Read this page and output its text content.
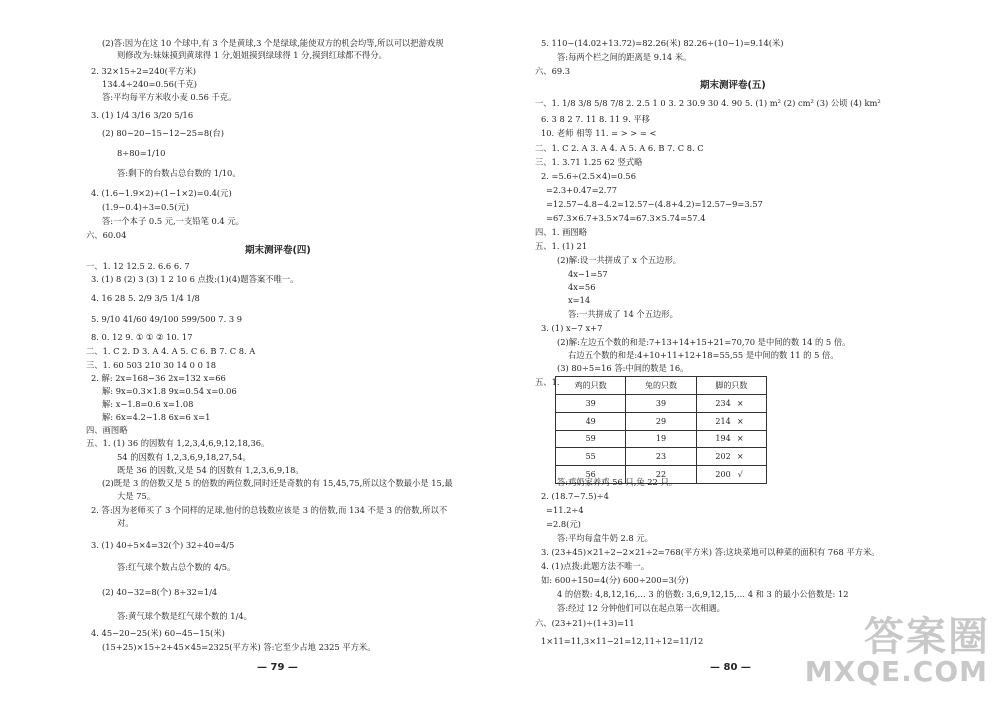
(2)答:因为在这 10 个球中,有 3 个是黄球,3 个是绿球,能使双方的机会均等,所以可以把游戏规
则修改为:妹妹摸到黄球得 1 分,姐姐摸到绿球得 1 分,摸到红球都不得分。
2. 32×15÷2=240(平方米)
134.4÷240=0.56(千克)
答:平均每平方米收小麦 0.56 千克。
3. (1) 1/4 3/16 3/20 5/16
(2) 80−20−15−12−25=8(台)
8÷80=1/10
答:剩下的台数占总台数的 1/10。
4. (1.6−1.9×2)÷(1−1×2)=0.4(元)
(1.9−0.4)÷3=0.5(元)
答:一个本子 0.5 元,一支铅笔 0.4 元。
六、60.04
期末测评卷(四)
一、1. 12 12.5 2. 6.6 6. 7
3. (1) 8 (2) 3 (3) 1 2 10 6 点拨:(1)(4)题答案不唯一。
4. 16 28 5. 2/9 3/5 1/4 1/8
5. 9/10 41/60 49/100 599/500 7. 3 9
8. 0. 12 9. ① ① ② 10. 17
二、1. C 2. D 3. A 4. A 5. C 6. B 7. C 8. A
三、1. 60 503 210 30 14 0 0 18
2. 解: 2x=168−36 2x=132 x=66
解: 9x=0.3×1.8 9x=0.54 x=0.06
解: x−1.8=0.6 x=1.08
解: 6x=4.2−1.8 6x=6 x=1
四、画图略
五、1. (1) 36 的因数有 1,2,3,4,6,9,12,18,36。
54 的因数有 1,2,3,6,9,18,27,54。
既是 36 的因数,又是 54 的因数有 1,2,3,6,9,18。
(2)既是 3 的倍数又是 5 的倍数的两位数,同时还是奇数的有 15,45,75,所以这个数最小是 15,最
大是 75。
2. 答:因为老师买了 3 个同样的足球,他付的总钱数应该是 3 的倍数,而 134 不是 3 的倍数,所以不
对。
3. (1) 40÷5×4=32(个) 32÷40=4/5
答:红气球个数占总个数的 4/5。
(2) 40−32=8(个) 8÷32=1/4
答:黄气球个数是红气球个数的 1/4。
4. 45−20−25(米) 60−45−15(米)
(15+25)×15÷2+45×45=2325(平方米) 答:它至少占地 2325 平方米。
— 79 —
5. 110−(14.02+13.72)=82.26(米) 82.26÷(10−1)=9.14(米)
答:每两个栏之间的距离是 9.14 米。
六、69.3
期末测评卷(五)
一、1. 1/8 3/8 5/8 7/8 2. 2.5 1 0 3. 2 30.9 30 4. 90 5. (1) m² (2) cm² (3) 公顷 (4) km²
6. 3 8 2 7. 11 8. 11 9. 平移
10. 老师 相等 11. = > > = <
二、1. C 2. A 3. A 4. A 5. A 6. B 7. C 8. C
三、1. 3.71 1.25 62 竖式略
2. =5.6÷(2.5×4)=0.56
=2.3+0.47=2.77
=12.57−4.8−4.2=12.57−(4.8+4.2)=12.57−9=3.57
=67.3×6.7+3.5×74=67.3×5.74=57.4
四、1. 画图略
五、1. (1) 21
(2)解:设一共拼成了 x 个五边形。
4x−1=57
4x=56
x=14
答:一共拼成了 14 个五边形。
3. (1) x−7 x+7
(2)解:左边五个数的和是:7+13+14+15+21=70,70 是中间的数 14 的 5 倍。
右边五个数的和是:4+10+11+12+18=55,55 是中间的数 11 的 5 倍。
(3) 80÷5=16 答:中间的数是 16。
五、1. 鸡的只数	兔的只数	脚的只数
39	39	234 ×
49	29	214 ×
59	19	194 ×
55	23	202 ×
56	22	200 √
答:鸡奶家养鸡 56 只,兔 22 只。
2. (18.7−7.5)÷4
=11.2÷4
=2.8(元)
答:平均每盒牛奶 2.8 元。
3. (23+45)×21÷2−2×21÷2=768(平方米) 答:这块菜地可以种菜的面积有 768 平方米。
4. (1)点拨:此题方法不唯一。
如: 600÷150=4(分) 600÷200=3(分)
4 的倍数: 4,8,12,16,… 3 的倍数: 3,6,9,12,15,… 4 和 3 的最小公倍数是: 12
答:经过 12 分钟他们可以在起点第一次相遇。
六、(23+21)÷(1+3)=11
1×11=11,3×11−21=12,11÷12=11/12
— 80 —
答案圈
MXQE.COM
